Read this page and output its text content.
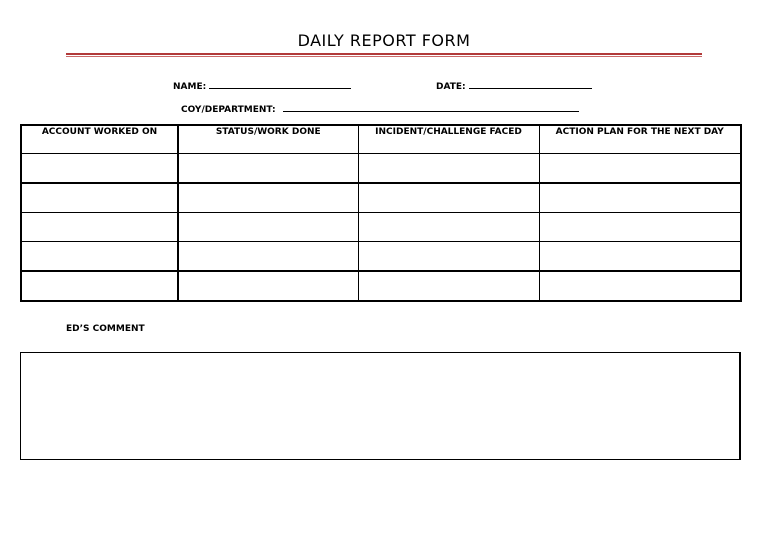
DAILY REPORT FORM
NAME:	DATE:
COY/DEPARTMENT:
ACCOUNT WORKED ON	STATUS/WORK DONE	INCIDENT/CHALLENGE FACED	ACTION PLAN FOR THE NEXT DAY

ED’S COMMENT
